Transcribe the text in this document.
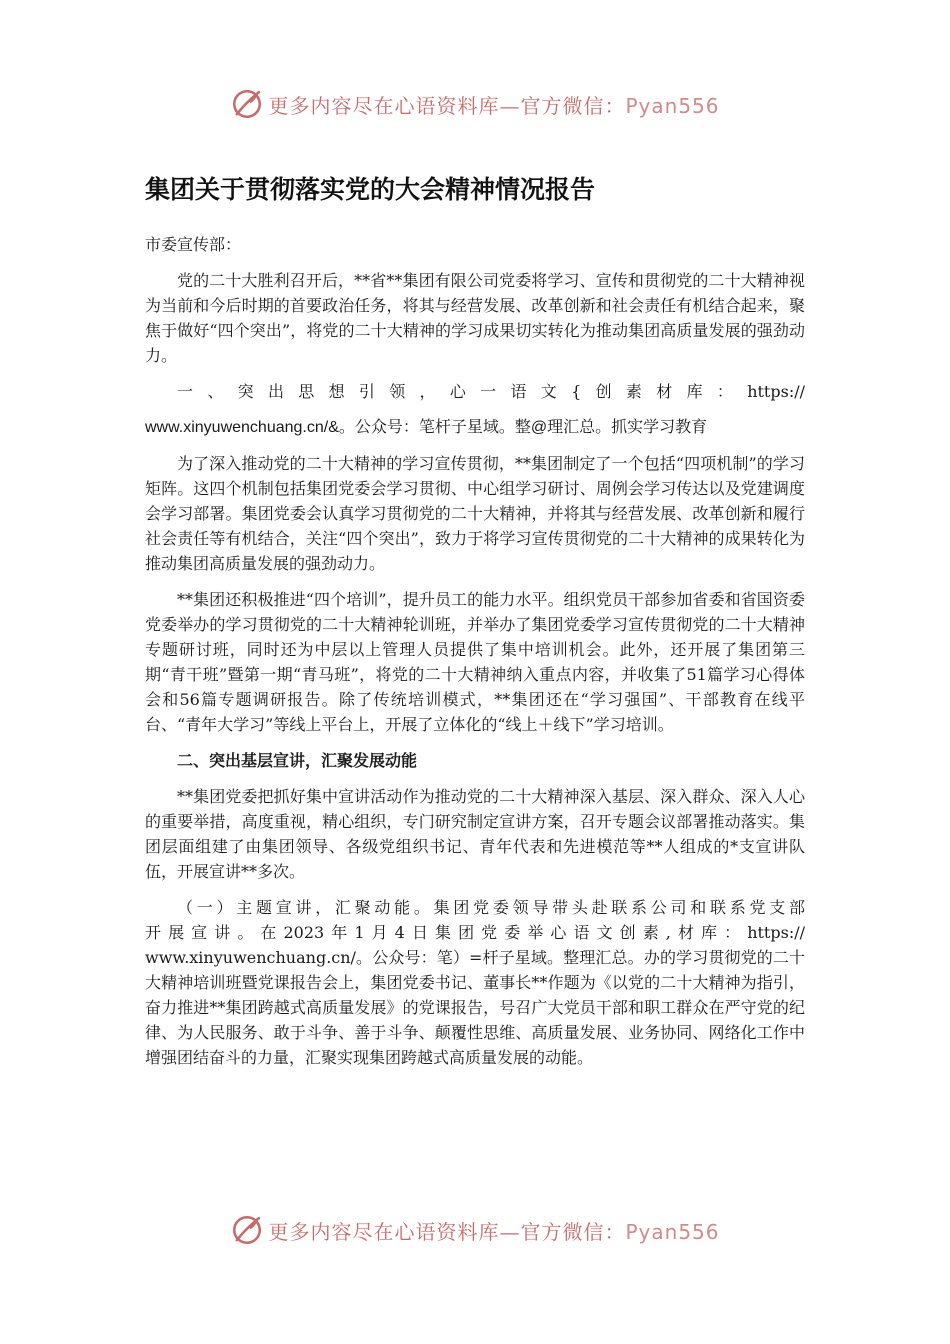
更多内容尽在心语资料库—官方微信：Pyan556
集团关于贯彻落实党的大会精神情况报告

市委宣传部：

党的二十大胜利召开后，**省**集团有限公司党委将学习、宣传和贯彻党的二十大精神视为当前和今后时期的首要政治任务，将其与经营发展、改革创新和社会责任有机结合起来，聚焦于做好“四个突出”，将党的二十大精神的学习成果切实转化为推动集团高质量发展的强劲动力。

一、突出思想引领，心一语文{创素材库：https://

www.xinyuwenchuang.cn/&。公众号：笔杆子星域。整@理汇总。抓实学习教育

为了深入推动党的二十大精神的学习宣传贯彻，**集团制定了一个包括“四项机制”的学习矩阵。这四个机制包括集团党委会学习贯彻、中心组学习研讨、周例会学习传达以及党建调度会学习部署。集团党委会认真学习贯彻党的二十大精神，并将其与经营发展、改革创新和履行社会责任等有机结合，关注“四个突出”，致力于将学习宣传贯彻党的二十大精神的成果转化为推动集团高质量发展的强劲动力。

**集团还积极推进“四个培训”，提升员工的能力水平。组织党员干部参加省委和省国资委党委举办的学习贯彻党的二十大精神轮训班，并举办了集团党委学习宣传贯彻党的二十大精神专题研讨班，同时还为中层以上管理人员提供了集中培训机会。此外，还开展了集团第三期“青干班”暨第一期“青马班”，将党的二十大精神纳入重点内容，并收集了51篇学习心得体会和56篇专题调研报告。除了传统培训模式，**集团还在“学习强国”、干部教育在线平台、“青年大学习”等线上平台上，开展了立体化的“线上＋线下”学习培训。

二、突出基层宣讲，汇聚发展动能

**集团党委把抓好集中宣讲活动作为推动党的二十大精神深入基层、深入群众、深入人心的重要举措，高度重视，精心组织，专门研究制定宣讲方案，召开专题会议部署推动落实。集团层面组建了由集团领导、各级党组织书记、青年代表和先进模范等**人组成的*支宣讲队伍，开展宣讲**多次。

（一）主题宣讲，汇聚动能。集团党委领导带头赴联系公司和联系党支部

开展宣讲。在2023年1月4日集团党委举心语文创素,材库：https://

www.xinyuwenchuang.cn/。公众号：笔）=杆子星域。整理汇总。办的学习贯彻党的二十大精神培训班暨党课报告会上，集团党委书记、董事长**作题为《以党的二十大精神为指引，奋力推进**集团跨越式高质量发展》的党课报告，号召广大党员干部和职工群众在严守党的纪律、为人民服务、敢于斗争、善于斗争、颠覆性思维、高质量发展、业务协同、网络化工作中增强团结奋斗的力量，汇聚实现集团跨越式高质量发展的动能。

更多内容尽在心语资料库—官方微信：Pyan556
